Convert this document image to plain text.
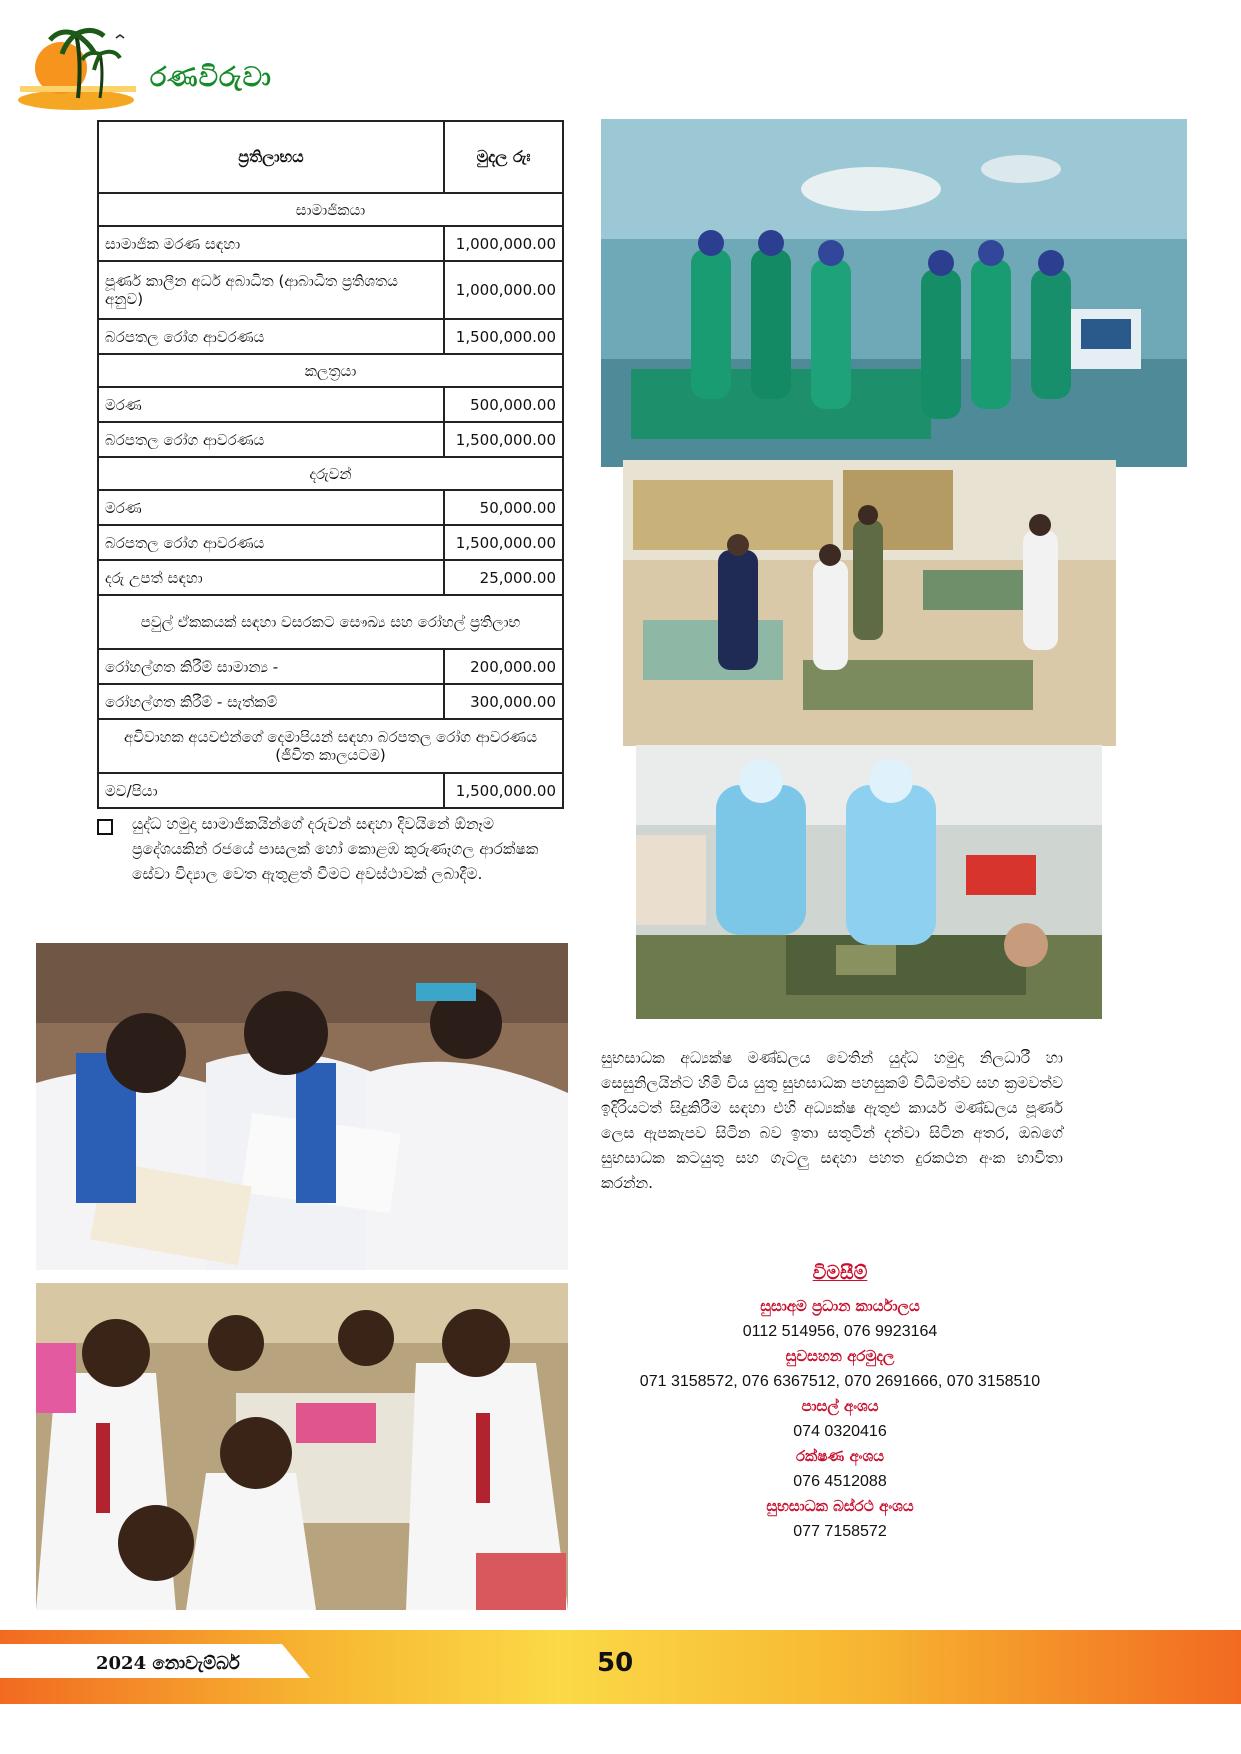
රණවිරුවා
ප්‍රතිලාභය	මුදල රුඃ
සාමාජිකයා	
සාමාජික මරණ සඳහා	1,000,000.00
පූර්ණ කාලීන අර්ධ අබාධිත (ආබාධිත ප්‍රතිශතය අනුව)	1,000,000.00
බරපතල රෝග ආවරණය	1,500,000.00
කලත්‍රයා	
මරණ	500,000.00
බරපතල රෝග ආවරණය	1,500,000.00
දරුවන්	
මරණ	50,000.00
බරපතල රෝග ආවරණය	1,500,000.00
දරු උපත් සඳහා	25,000.00
පවුල් ඒකකයක් සඳහා වසරකට සෞඛ්‍ය සහ රෝහල් ප්‍රතිලාභ	
රෝහල්ගත කිරීම් සාමාන්‍ය -	200,000.00
රෝහල්ගත කිරීම් - සැත්කම්	300,000.00
අවිවාහක අයවළුන්ගේ දෙමාපියන් සඳහා බරපතල රෝග ආවරණය (ජීවිත කාලයටම)	
මව/පියා	1,500,000.00
යුද්ධ හමුදා සාමාජිකයින්ගේ දරුවන් සඳහා දිවයිනේ ඕනෑම ප්‍රදේශයකින් රජයේ පාසලක් හෝ කොළඹ කුරුණෑගල ආරක්ෂක සේවා විද්‍යාල වෙත ඇතුළත් වීමට අවස්ථාවක් ලබාදීම.
සුභසාධක අධ්‍යක්ෂ මණ්ඩලය වෙතින් යුද්ධ හමුදා නිලධාරී හා සෙසුනිලයින්ට හිමි විය යුතු සුභසාධක පහසුකම් විධිමත්ව සහ ක්‍රමවත්ව ඉදිරියටත් සිදුකිරීම සඳහා එහි අධ්‍යක්ෂ ඇතුළු කාර්ය මණ්ඩලය පූර්ණ ලෙස ඇපකැපව සිටින බව ඉතා සතුටින් දන්වා සිටින අතර, ඔබගේ සුභසාධක කටයුතු සහ ගැටලු සඳහා පහත දුරකථන අංක භාවිතා කරන්න.
විමසීම්
සුසාඅම ප්‍රධාන කාර්යාලය
0112 514956, 076 9923164
සුවසහන අරමුදල
071 3158572, 076 6367512, 070 2691666, 070 3158510
පාසල් අංශය
074 0320416
රක්ෂණ අංශය
076 4512088
සුභසාධක බස්රථ අංශය
077 7158572
2024 නොවැම්බර්	50
